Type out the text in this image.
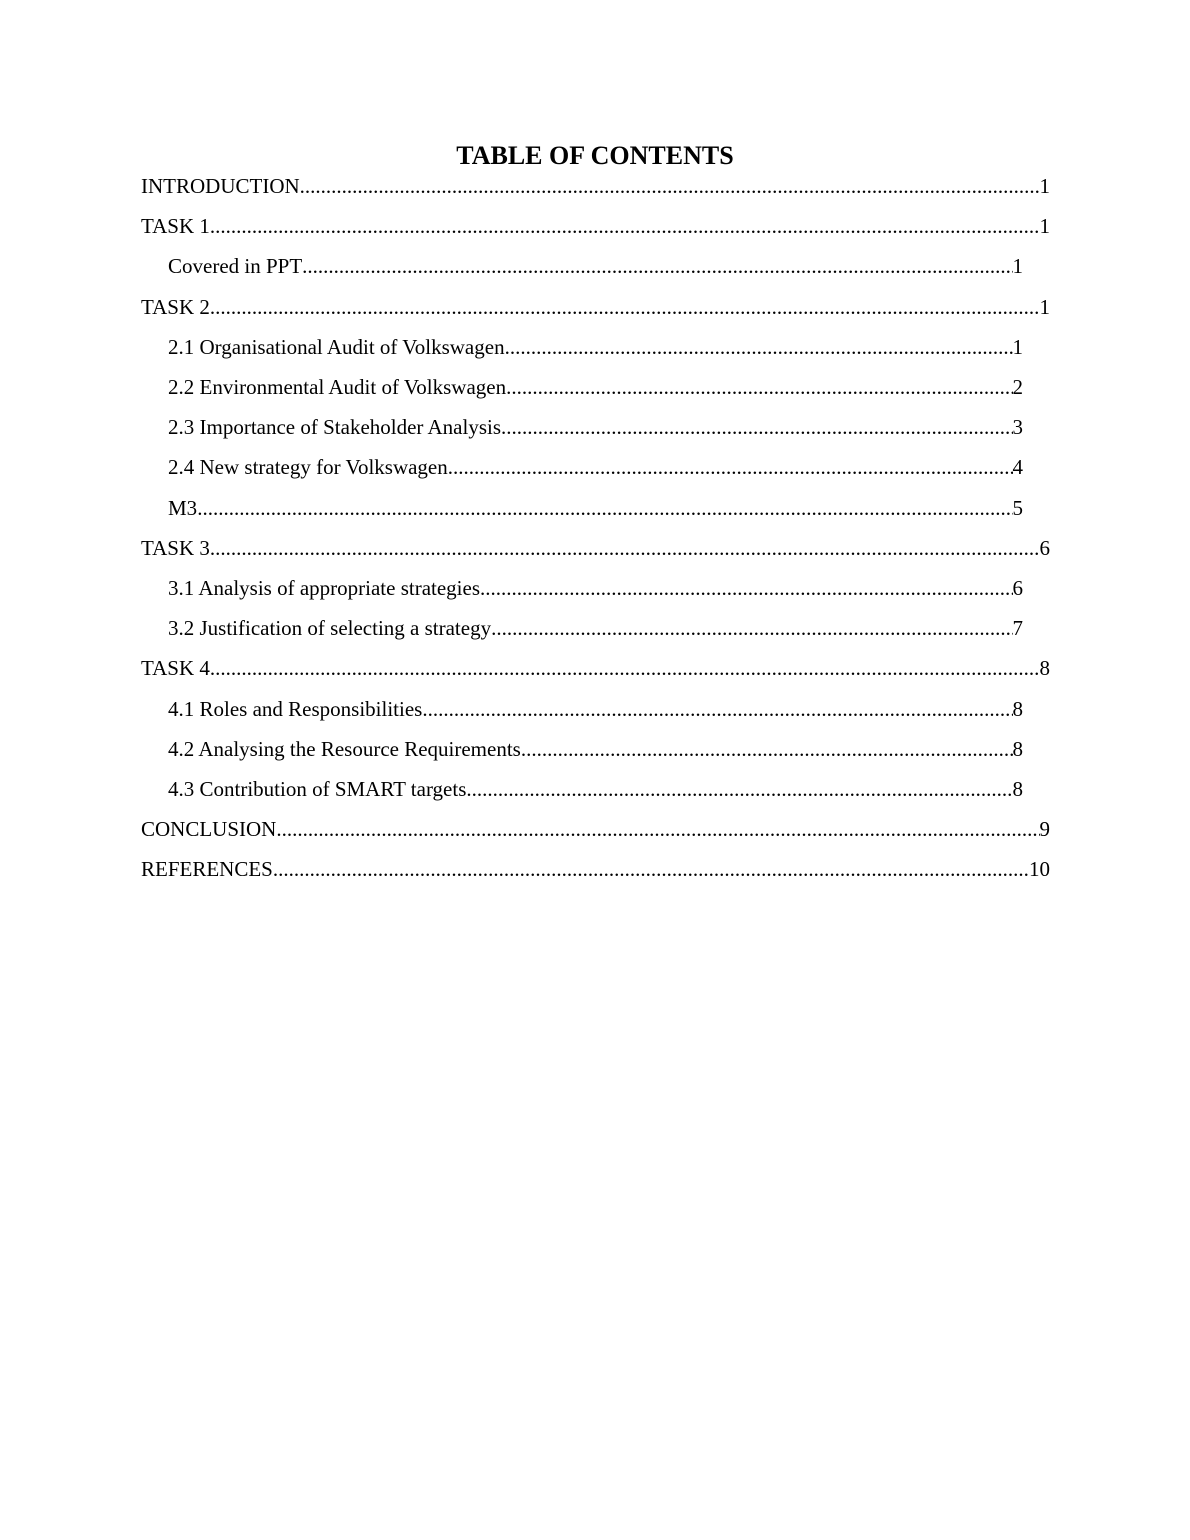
TABLE OF CONTENTS
INTRODUCTION .....	1
TASK 1 .....	1
Covered in PPT .....	1
TASK 2 .....	1
2.1 Organisational Audit of Volkswagen .....	1
2.2 Environmental Audit of Volkswagen .....	2
2.3 Importance of Stakeholder Analysis .....	3
2.4 New strategy for Volkswagen .....	4
M3 .....	5
TASK 3 .....	6
3.1 Analysis of appropriate strategies .....	6
3.2 Justification of selecting a strategy .....	7
TASK 4 .....	8
4.1 Roles and Responsibilities .....	8
4.2 Analysing the Resource Requirements .....	8
4.3 Contribution of SMART targets .....	8
CONCLUSION .....	9
REFERENCES .....	10
